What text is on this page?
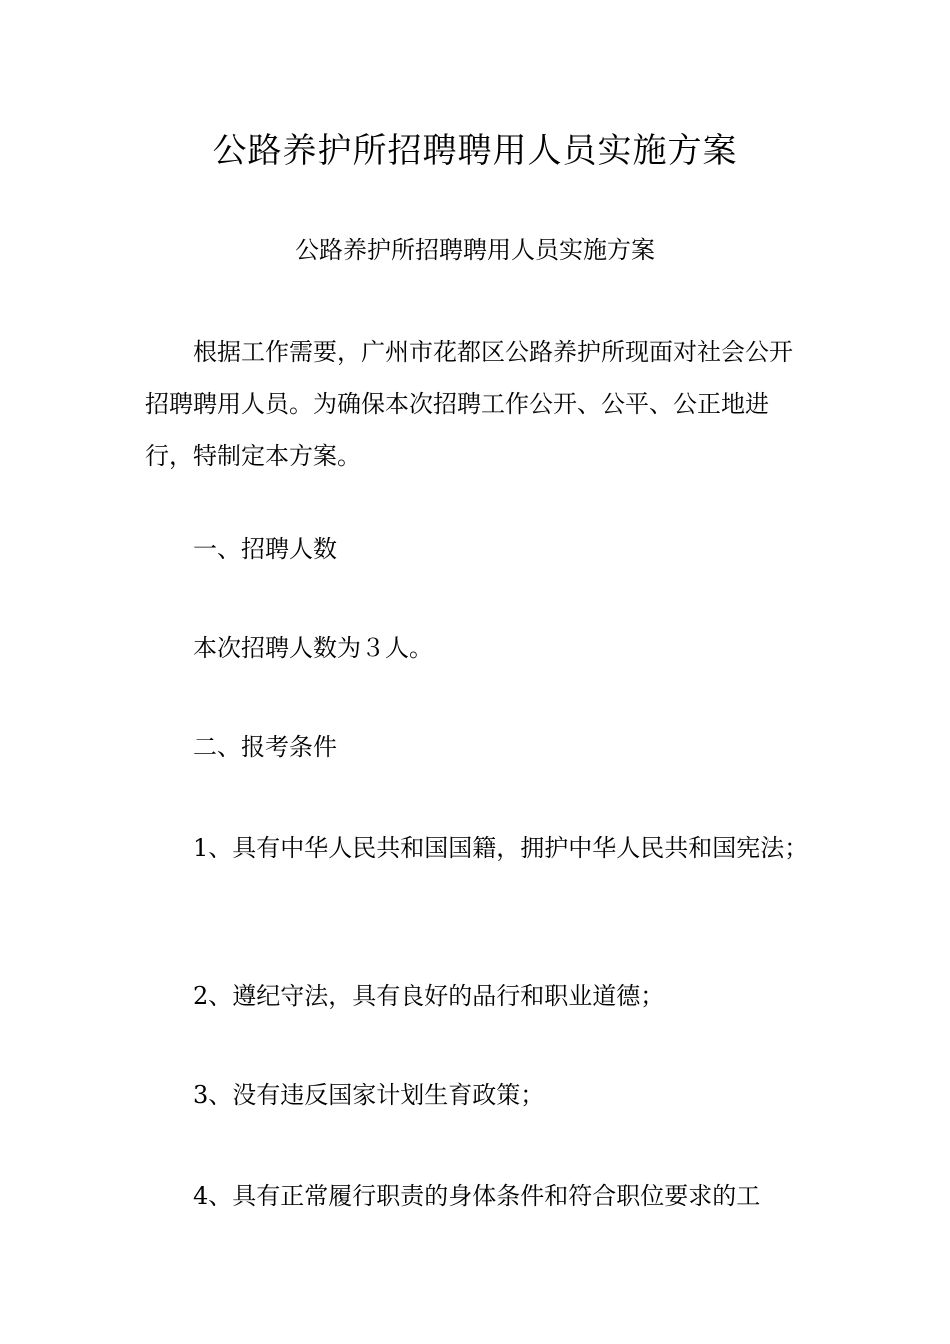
公路养护所招聘聘用人员实施方案
公路养护所招聘聘用人员实施方案

根据工作需要，广州市花都区公路养护所现面对社会公开招聘聘用人员。为确保本次招聘工作公开、公平、公正地进行，特制定本方案。

一、招聘人数

本次招聘人数为３人。

二、报考条件

1、具有中华人民共和国国籍，拥护中华人民共和国宪法；

2、遵纪守法，具有良好的品行和职业道德；

3、没有违反国家计划生育政策；

4、具有正常履行职责的身体条件和符合职位要求的工
